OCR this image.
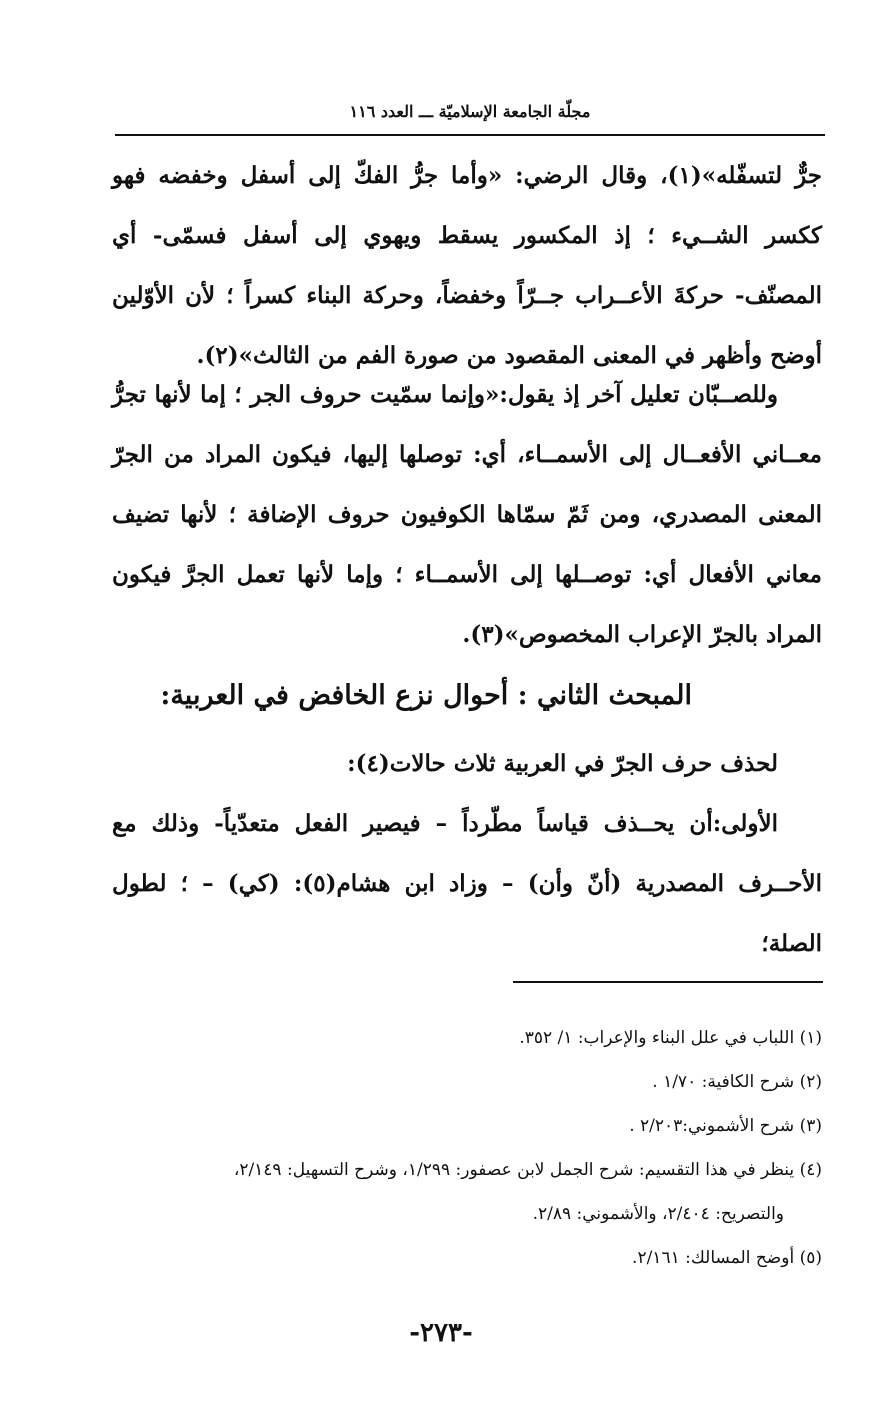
مجلّة الجامعة الإسلاميّة ـــ العدد ١١٦

جرٌّ لتسفّله»(١)، وقال الرضي: «وأما جرُّ الفكّ إلى أسفل وخفضه فهو ككسر الشــيء ؛ إذ المكسور يسقط ويهوي إلى أسفل فسمّى- أي المصنّف- حركةَ الأعــراب جــرّاً وخفضاً، وحركة البناء كسراً ؛ لأن الأوّلين أوضح وأظهر في المعنى المقصود من صورة الفم من الثالث»(٢).

وللصــبّان تعليل آخر إذ يقول:«وإنما سمّيت حروف الجر ؛ إما لأنها تجرُّ معــاني الأفعــال إلى الأسمــاء، أي: توصلها إليها، فيكون المراد من الجرّ المعنى المصدري، ومن ثَمّ سمّاها الكوفيون حروف الإضافة ؛ لأنها تضيف معاني الأفعال أي: توصــلها إلى الأسمــاء ؛ وإما لأنها تعمل الجرَّ فيكون المراد بالجرّ الإعراب المخصوص»(٣).

المبحث الثاني : أحوال نزع الخافض في العربية:

لحذف حرف الجرّ في العربية ثلاث حالات(٤):

الأولى:أن يحــذف قياساً مطّرداً – فيصير الفعل متعدّياً- وذلك مع الأحــرف المصدرية (أنّ وأن) – وزاد ابن هشام(٥): (كي) – ؛ لطول الصلة؛

(١) اللباب في علل البناء والإعراب: ١/ ٣٥٢.

(٢) شرح الكافية: ١/٧٠ .

(٣) شرح الأشموني:٢/٢٠٣ .

(٤) ينظر في هذا التقسيم: شرح الجمل لابن عصفور: ١/٢٩٩، وشرح التسهيل: ٢/١٤٩،

والتصريح: ٢/٤٠٤، والأشموني: ٢/٨٩.

(٥) أوضح المسالك: ٢/١٦١.

-٢٧٣-
